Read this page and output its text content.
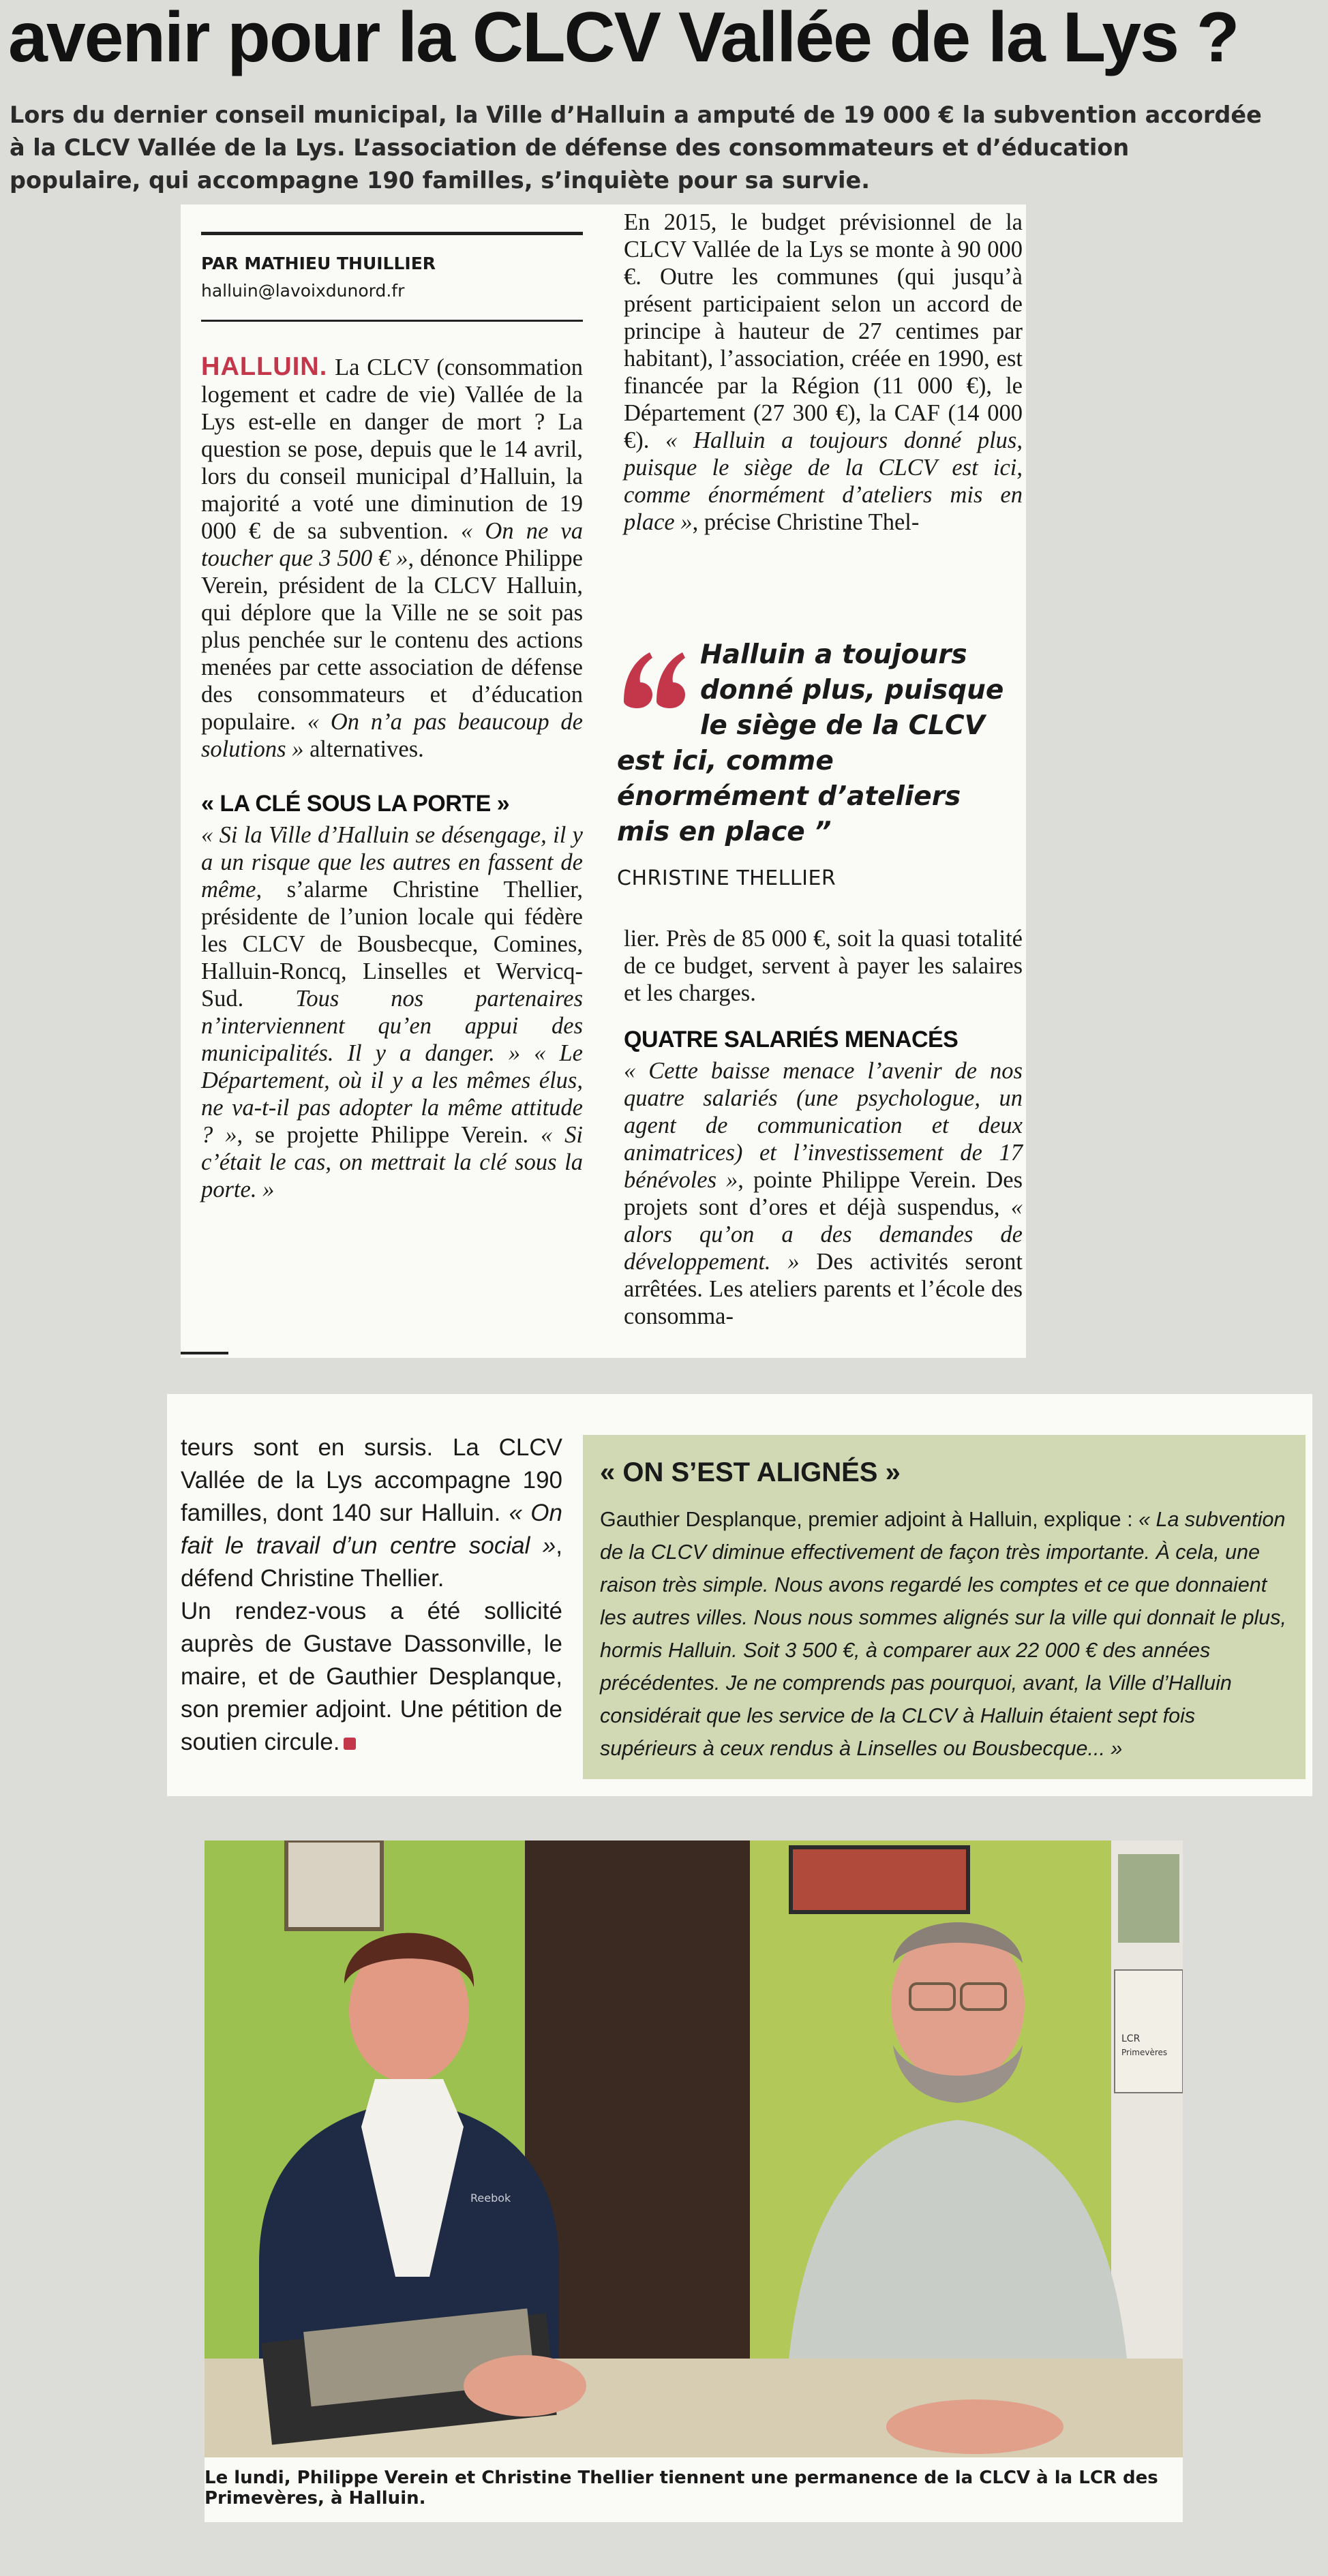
avenir pour la CLCV Vallée de la Lys ?
Lors du dernier conseil municipal, la Ville d’Halluin a amputé de 19 000 € la subvention accordée à la CLCV Vallée de la Lys. L’association de défense des consommateurs et d’éducation populaire, qui accompagne 190 familles, s’inquiète pour sa survie.
PAR MATHIEU THUILLIER
halluin@lavoixdunord.fr
HALLUIN. La CLCV (consommation logement et cadre de vie) Vallée de la Lys est-elle en danger de mort ? La question se pose, depuis que le 14 avril, lors du conseil municipal d’Halluin, la majorité a voté une diminution de 19 000 € de sa subvention. « On ne va toucher que 3 500 € », dénonce Philippe Verein, président de la CLCV Halluin, qui déplore que la Ville ne se soit pas plus penchée sur le contenu des actions menées par cette association de défense des consommateurs et d’éducation populaire. « On n’a pas beaucoup de solutions » alternatives.
« LA CLÉ SOUS LA PORTE »
« Si la Ville d’Halluin se désengage, il y a un risque que les autres en fassent de même, s’alarme Christine Thellier, présidente de l’union locale qui fédère les CLCV de Bousbecque, Comines, Halluin-Roncq, Linselles et Wervicq-Sud. Tous nos partenaires n’interviennent qu’en appui des municipalités. Il y a danger. » « Le Département, où il y a les mêmes élus, ne va-t-il pas adopter la même attitude ? », se projette Philippe Verein. « Si c’était le cas, on mettrait la clé sous la porte. »
En 2015, le budget prévisionnel de la CLCV Vallée de la Lys se monte à 90 000 €. Outre les communes (qui jusqu’à présent participaient selon un accord de principe à hauteur de 27 centimes par habitant), l’association, créée en 1990, est financée par la Région (11 000 €), le Département (27 300 €), la CAF (14 000 €). « Halluin a toujours donné plus, puisque le siège de la CLCV est ici, comme énormément d’ateliers mis en place », précise Christine Thel-
Halluin a toujours donné plus, puisque le siège de la CLCV est ici, comme énormément d’ateliers mis en place ”
CHRISTINE THELLIER
lier. Près de 85 000 €, soit la quasi totalité de ce budget, servent à payer les salaires et les charges.
QUATRE SALARIÉS MENACÉS
« Cette baisse menace l’avenir de nos quatre salariés (une psychologue, un agent de communication et deux animatrices) et l’investissement de 17 bénévoles », pointe Philippe Verein. Des projets sont d’ores et déjà suspendus, « alors qu’on a des demandes de développement. » Des activités seront arrêtées. Les ateliers parents et l’école des consomma-
teurs sont en sursis. La CLCV Vallée de la Lys accompagne 190 familles, dont 140 sur Halluin. « On fait le travail d’un centre social », défend Christine Thellier.
Un rendez-vous a été sollicité auprès de Gustave Dassonville, le maire, et de Gauthier Desplanque, son premier adjoint. Une pétition de soutien circule.
« ON S’EST ALIGNÉS »
Gauthier Desplanque, premier adjoint à Halluin, explique : « La subvention de la CLCV diminue effectivement de façon très importante. À cela, une raison très simple. Nous avons regardé les comptes et ce que donnaient les autres villes. Nous nous sommes alignés sur la ville qui donnait le plus, hormis Halluin. Soit 3 500 €, à comparer aux 22 000 € des années précédentes. Je ne comprends pas pourquoi, avant, la Ville d’Halluin considérait que les service de la CLCV à Halluin étaient sept fois supérieurs à ceux rendus à Linselles ou Bousbecque... »
LCR
Primevères
Reebok
Le lundi, Philippe Verein et Christine Thellier tiennent une permanence de la CLCV à la LCR des Primevères, à Halluin.
